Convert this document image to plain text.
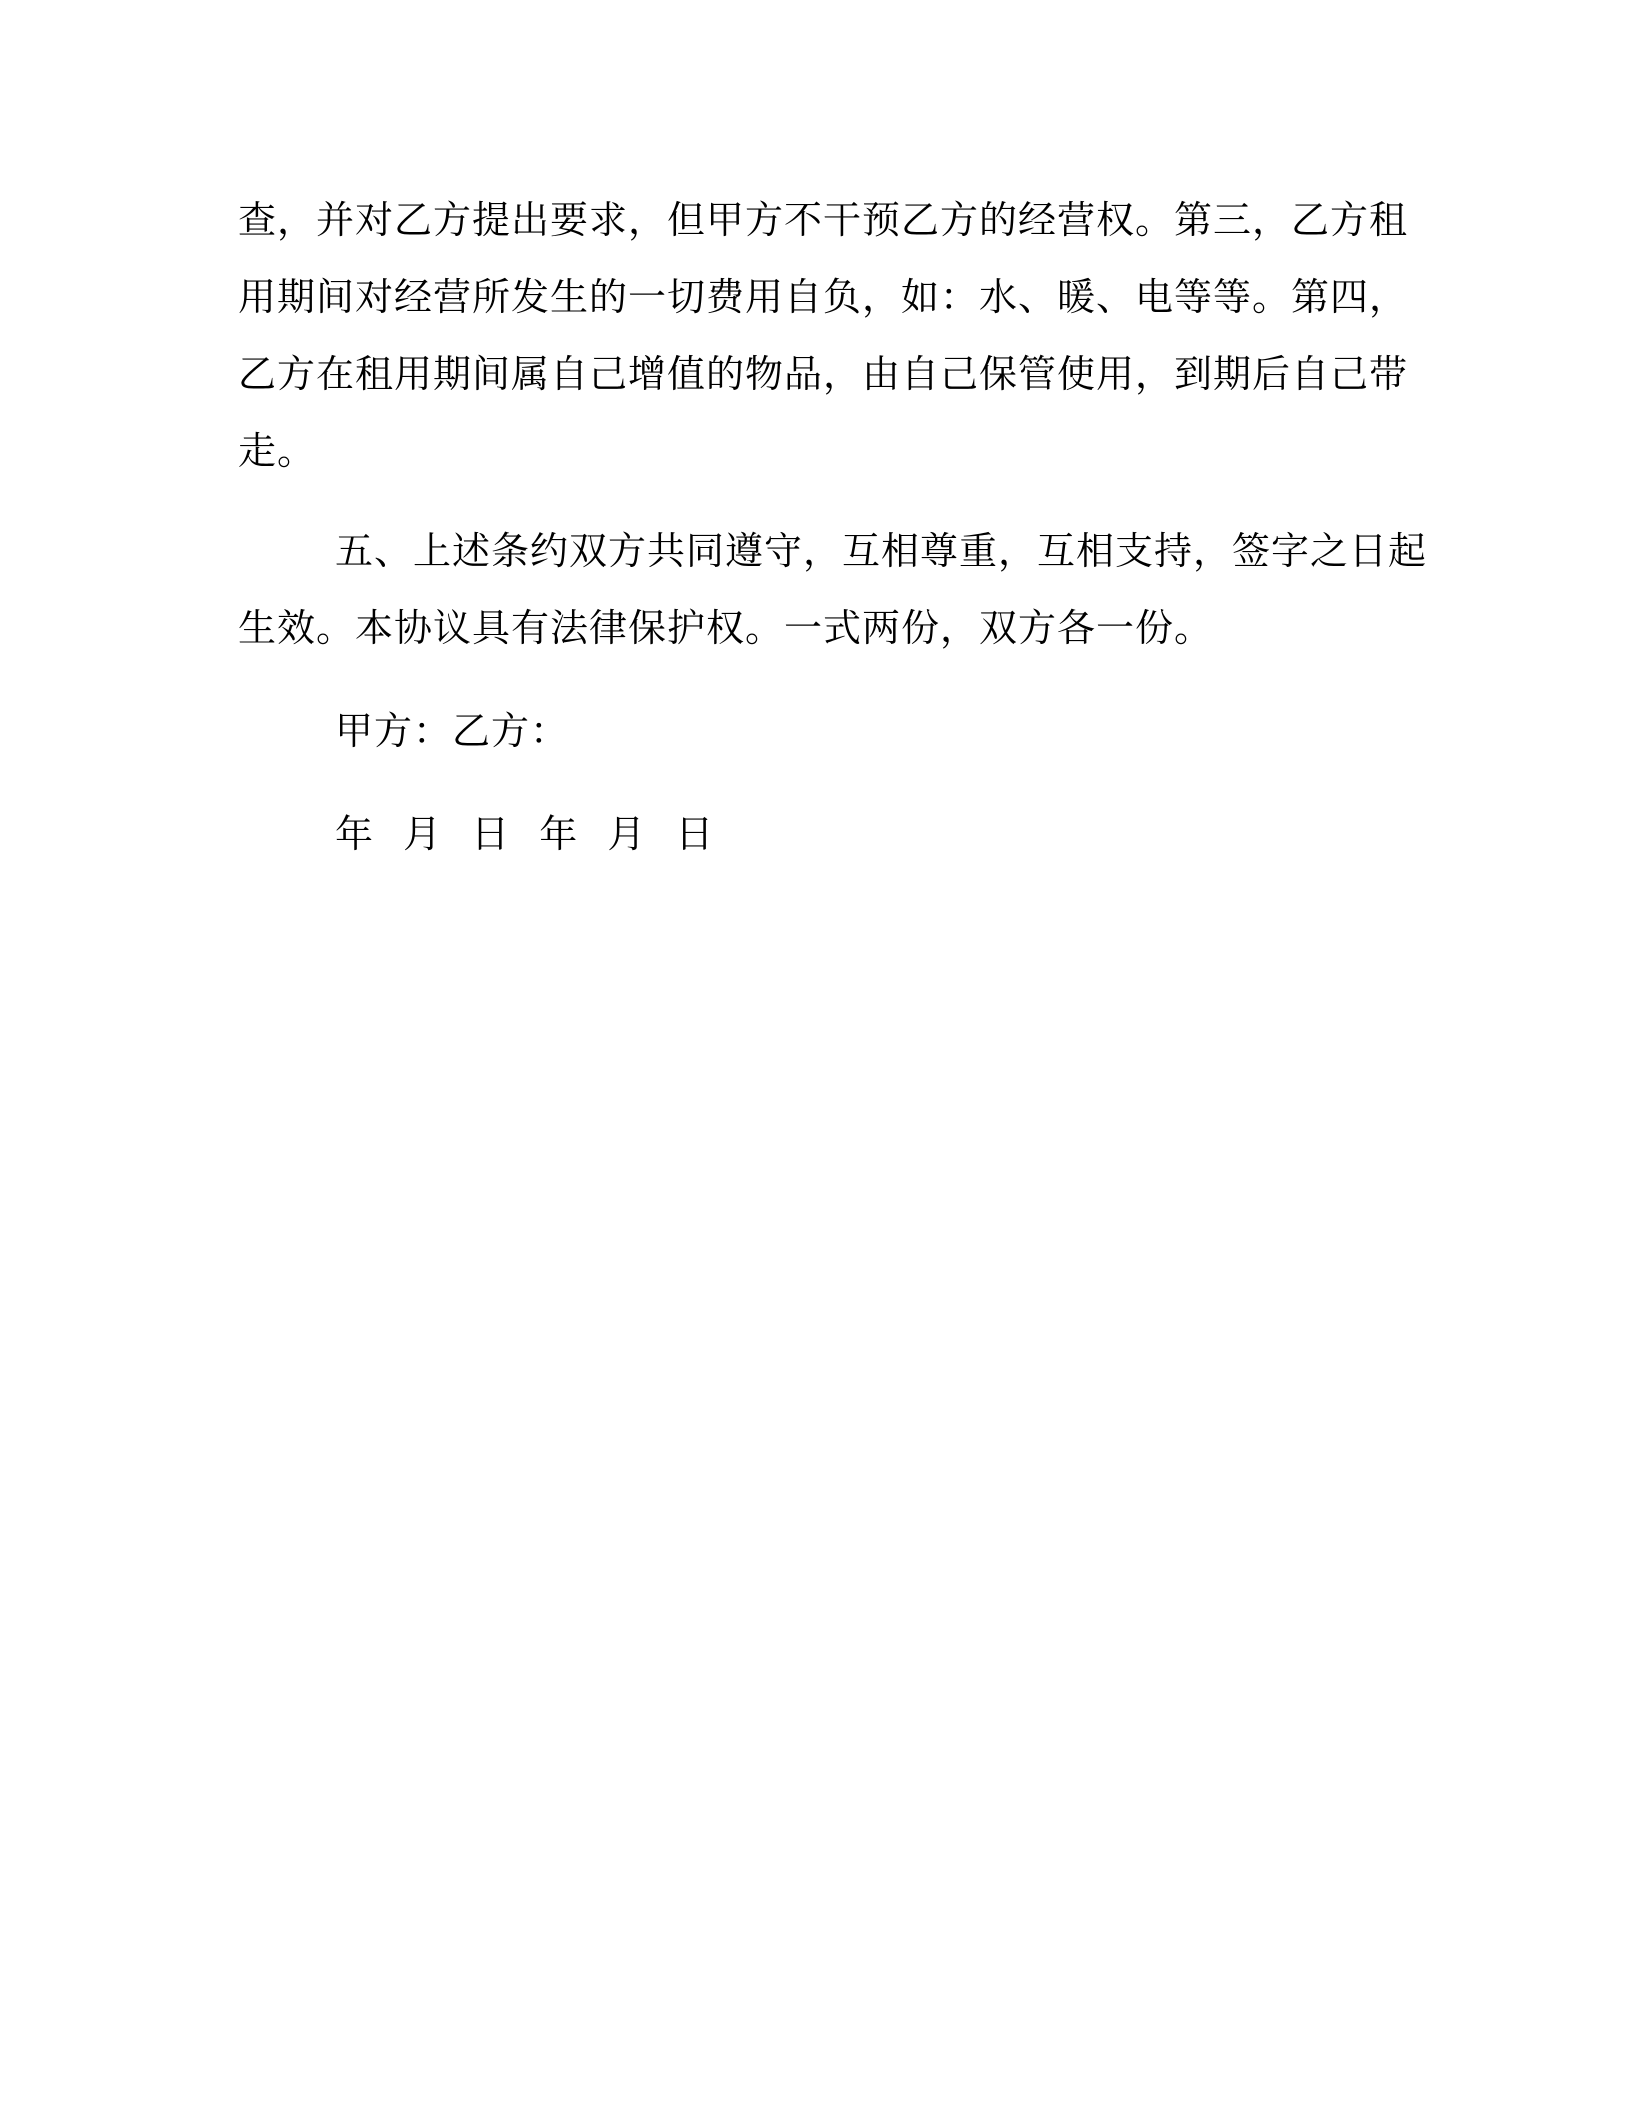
查，并对乙方提出要求，但甲方不干预乙方的经营权。第三，乙方租
用期间对经营所发生的一切费用自负，如：水、暖、电等等。第四，
乙方在租用期间属自己增值的物品，由自己保管使用，到期后自己带
走。
五、上述条约双方共同遵守，互相尊重，互相支持，签字之日起
生效。本协议具有法律保护权。一式两份，双方各一份。
甲方：乙方：
年 月 日 年 月 日
